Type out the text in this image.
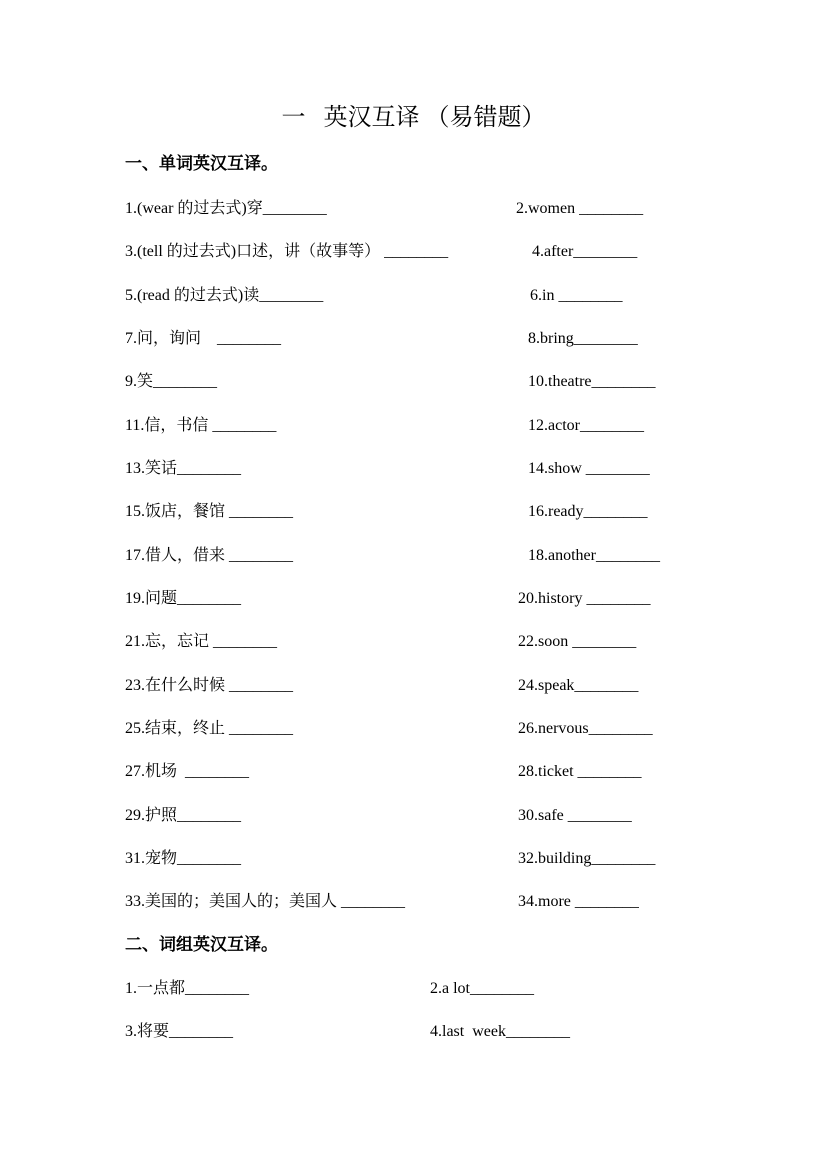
一   英汉互译 （易错题）
一、单词英汉互译。
1.(wear 的过去式)穿________	2.women ________
3.(tell 的过去式)口述，讲（故事等） ________	4.after________
5.(read 的过去式)读________	6.in ________
7.问，询问    ________	8.bring________
9.笑________	10.theatre________
11.信，书信 ________	12.actor________
13.笑话________	14.show ________
15.饭店，餐馆 ________	16.ready________
17.借人，借来 ________	18.another________
19.问题________	20.history ________
21.忘，忘记 ________	22.soon ________
23.在什么时候 ________	24.speak________
25.结束，终止 ________	26.nervous________
27.机场  ________	28.ticket ________
29.护照________	30.safe ________
31.宠物________	32.building________
33.美国的；美国人的；美国人 ________	34.more ________
二、词组英汉互译。
1.一点都________	2.a lot________
3.将要________	4.last  week________
